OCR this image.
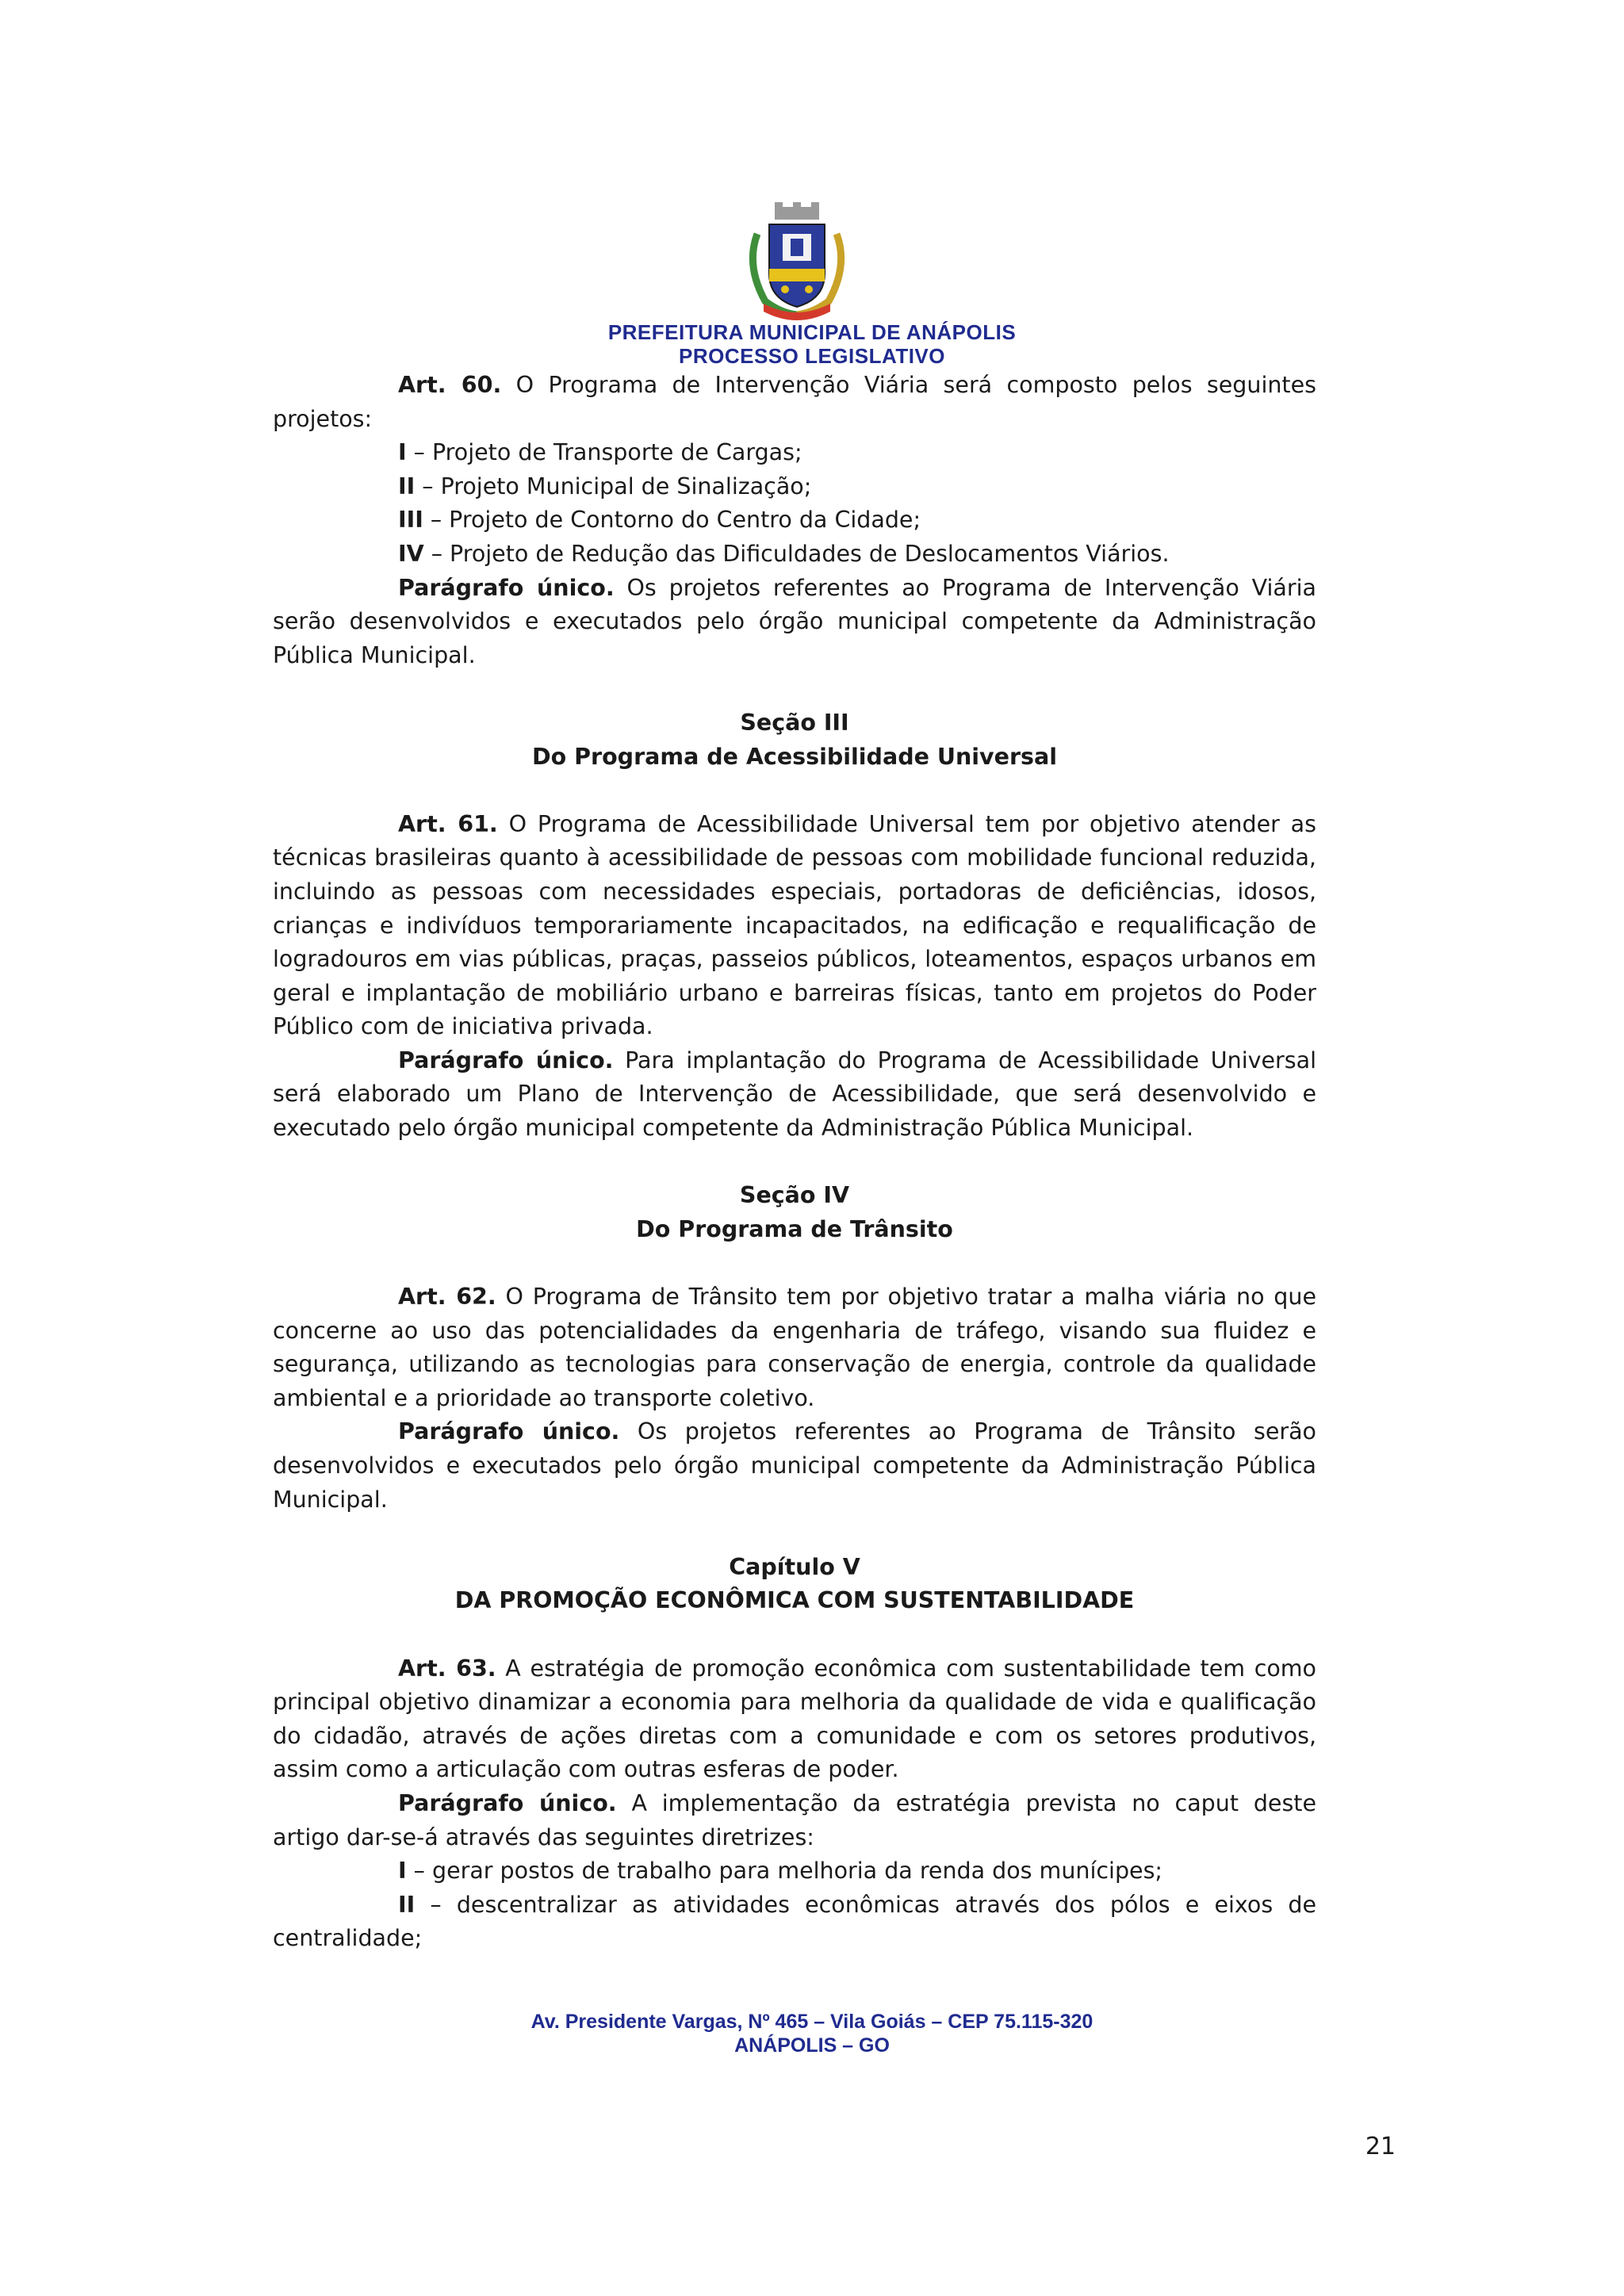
PREFEITURA MUNICIPAL DE ANÁPOLIS
PROCESSO LEGISLATIVO

Art. 60. O Programa de Intervenção Viária será composto pelos seguintes projetos:

I – Projeto de Transporte de Cargas;

II – Projeto Municipal de Sinalização;

III – Projeto de Contorno do Centro da Cidade;

IV – Projeto de Redução das Dificuldades de Deslocamentos Viários.

Parágrafo único. Os projetos referentes ao Programa de Intervenção Viária serão desenvolvidos e executados pelo órgão municipal competente da Administração Pública Municipal.

Seção III

Do Programa de Acessibilidade Universal

Art. 61. O Programa de Acessibilidade Universal tem por objetivo atender as técnicas brasileiras quanto à acessibilidade de pessoas com mobilidade funcional reduzida, incluindo as pessoas com necessidades especiais, portadoras de deficiências, idosos, crianças e indivíduos temporariamente incapacitados, na edificação e requalificação de logradouros em vias públicas, praças, passeios públicos, loteamentos, espaços urbanos em geral e implantação de mobiliário urbano e barreiras físicas, tanto em projetos do Poder Público com de iniciativa privada.

Parágrafo único. Para implantação do Programa de Acessibilidade Universal será elaborado um Plano de Intervenção de Acessibilidade, que será desenvolvido e executado pelo órgão municipal competente da Administração Pública Municipal.

Seção IV

Do Programa de Trânsito

Art. 62. O Programa de Trânsito tem por objetivo tratar a malha viária no que concerne ao uso das potencialidades da engenharia de tráfego, visando sua fluidez e segurança, utilizando as tecnologias para conservação de energia, controle da qualidade ambiental e a prioridade ao transporte coletivo.

Parágrafo único. Os projetos referentes ao Programa de Trânsito serão desenvolvidos e executados pelo órgão municipal competente da Administração Pública Municipal.

Capítulo V

DA PROMOÇÃO ECONÔMICA COM SUSTENTABILIDADE

Art. 63. A estratégia de promoção econômica com sustentabilidade tem como principal objetivo dinamizar a economia para melhoria da qualidade de vida e qualificação do cidadão, através de ações diretas com a comunidade e com os setores produtivos, assim como a articulação com outras esferas de poder.

Parágrafo único. A implementação da estratégia prevista no caput deste artigo dar-se-á através das seguintes diretrizes:

I – gerar postos de trabalho para melhoria da renda dos munícipes;

II – descentralizar as atividades econômicas através dos pólos e eixos de centralidade;

Av. Presidente Vargas, Nº 465 – Vila Goiás – CEP 75.115-320
ANÁPOLIS – GO
21
